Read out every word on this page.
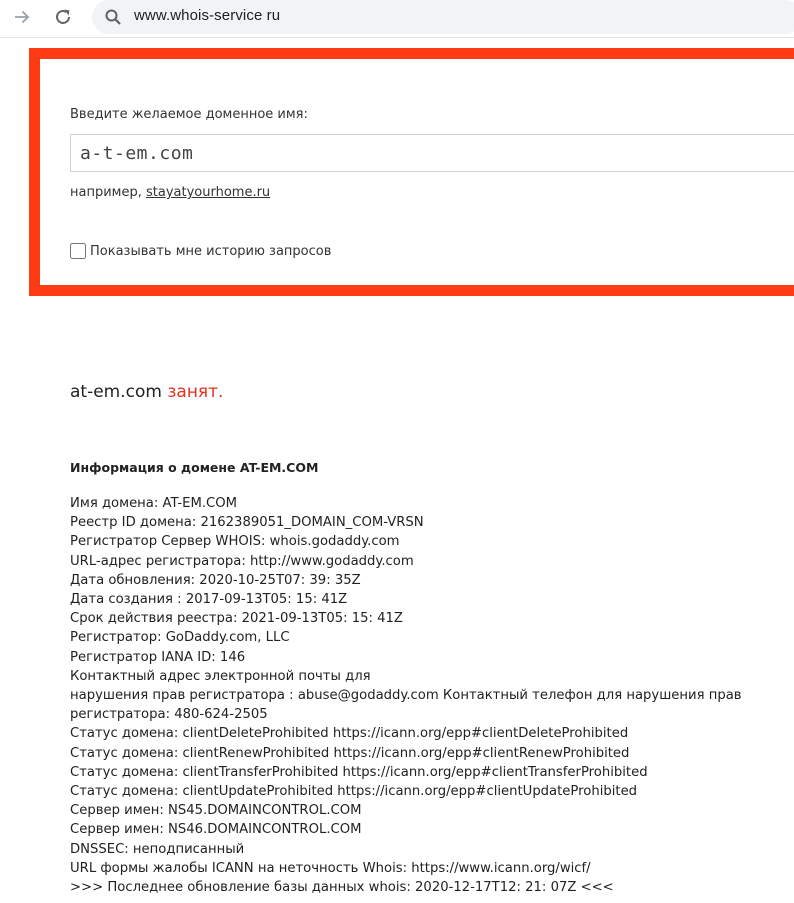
www.whois-service ru
Введите желаемое доменное имя:
a-t-em.com
например, stayatyourhome.ru
Показывать мне историю запросов
at-em.com занят.
Информация о домене AT-EM.COM
Имя домена: AT-EM.COM
Реестр ID домена: 2162389051_DOMAIN_COM-VRSN
Регистратор Сервер WHOIS: whois.godaddy.com
URL-адрес регистратора: http://www.godaddy.com
Дата обновления: 2020-10-25T07: 39: 35Z
Дата создания : 2017-09-13T05: 15: 41Z
Срок действия реестра: 2021-09-13T05: 15: 41Z
Регистратор: GoDaddy.com, LLC
Регистратор IANA ID: 146
Контактный адрес электронной почты для
нарушения прав регистратора : abuse@godaddy.com Контактный телефон для нарушения прав
регистратора: 480-624-2505
Статус домена: clientDeleteProhibited https://icann.org/epp#clientDeleteProhibited
Статус домена: clientRenewProhibited https://icann.org/epp#clientRenewProhibited
Статус домена: clientTransferProhibited https://icann.org/epp#clientTransferProhibited
Статус домена: clientUpdateProhibited https://icann.org/epp#clientUpdateProhibited
Сервер имен: NS45.DOMAINCONTROL.COM
Сервер имен: NS46.DOMAINCONTROL.COM
DNSSEC: неподписанный
URL формы жалобы ICANN на неточность Whois: https://www.icann.org/wicf/
>>> Последнее обновление базы данных whois: 2020-12-17T12: 21: 07Z <<<
